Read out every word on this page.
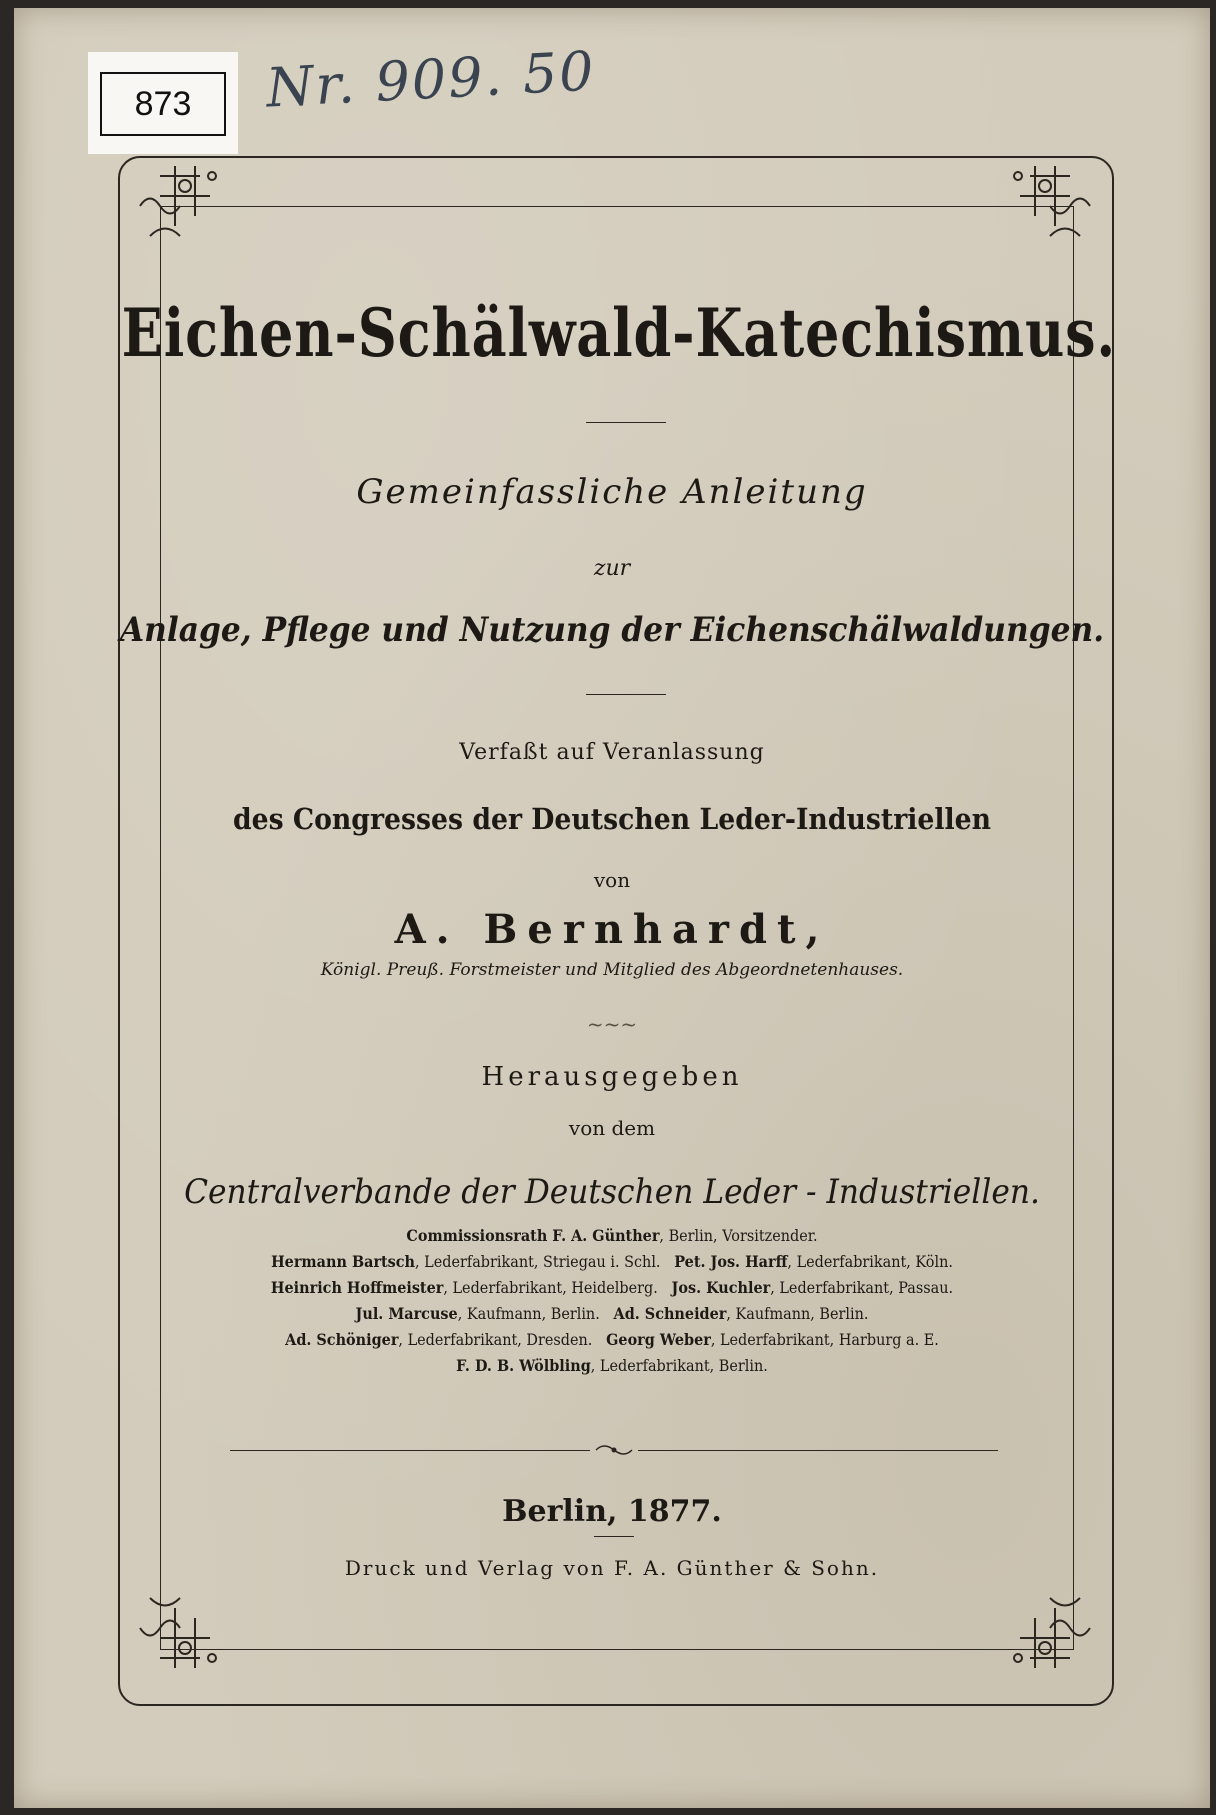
873	Nr. 909. 50
Eichen-Schälwald-Katechismus.
Gemeinfassliche Anleitung
zur
Anlage, Pflege und Nutzung der Eichenschälwaldungen.
Verfaßt auf Veranlassung
des Congresses der Deutschen Leder-Industriellen
von
A. Bernhardt,
Königl. Preuß. Forstmeister und Mitglied des Abgeordnetenhauses.
~~~
Herausgegeben
von dem
Centralverbande der Deutschen Leder - Industriellen.
Commissionsrath F. A. Günther, Berlin, Vorsitzender.
Hermann Bartsch, Lederfabrikant, Striegau i. Schl. Pet. Jos. Harff, Lederfabrikant, Köln.
Heinrich Hoffmeister, Lederfabrikant, Heidelberg. Jos. Kuchler, Lederfabrikant, Passau.
Jul. Marcuse, Kaufmann, Berlin. Ad. Schneider, Kaufmann, Berlin.
Ad. Schöniger, Lederfabrikant, Dresden. Georg Weber, Lederfabrikant, Harburg a. E.
F. D. B. Wölbling, Lederfabrikant, Berlin.
Berlin, 1877.
Druck und Verlag von F. A. Günther & Sohn.
